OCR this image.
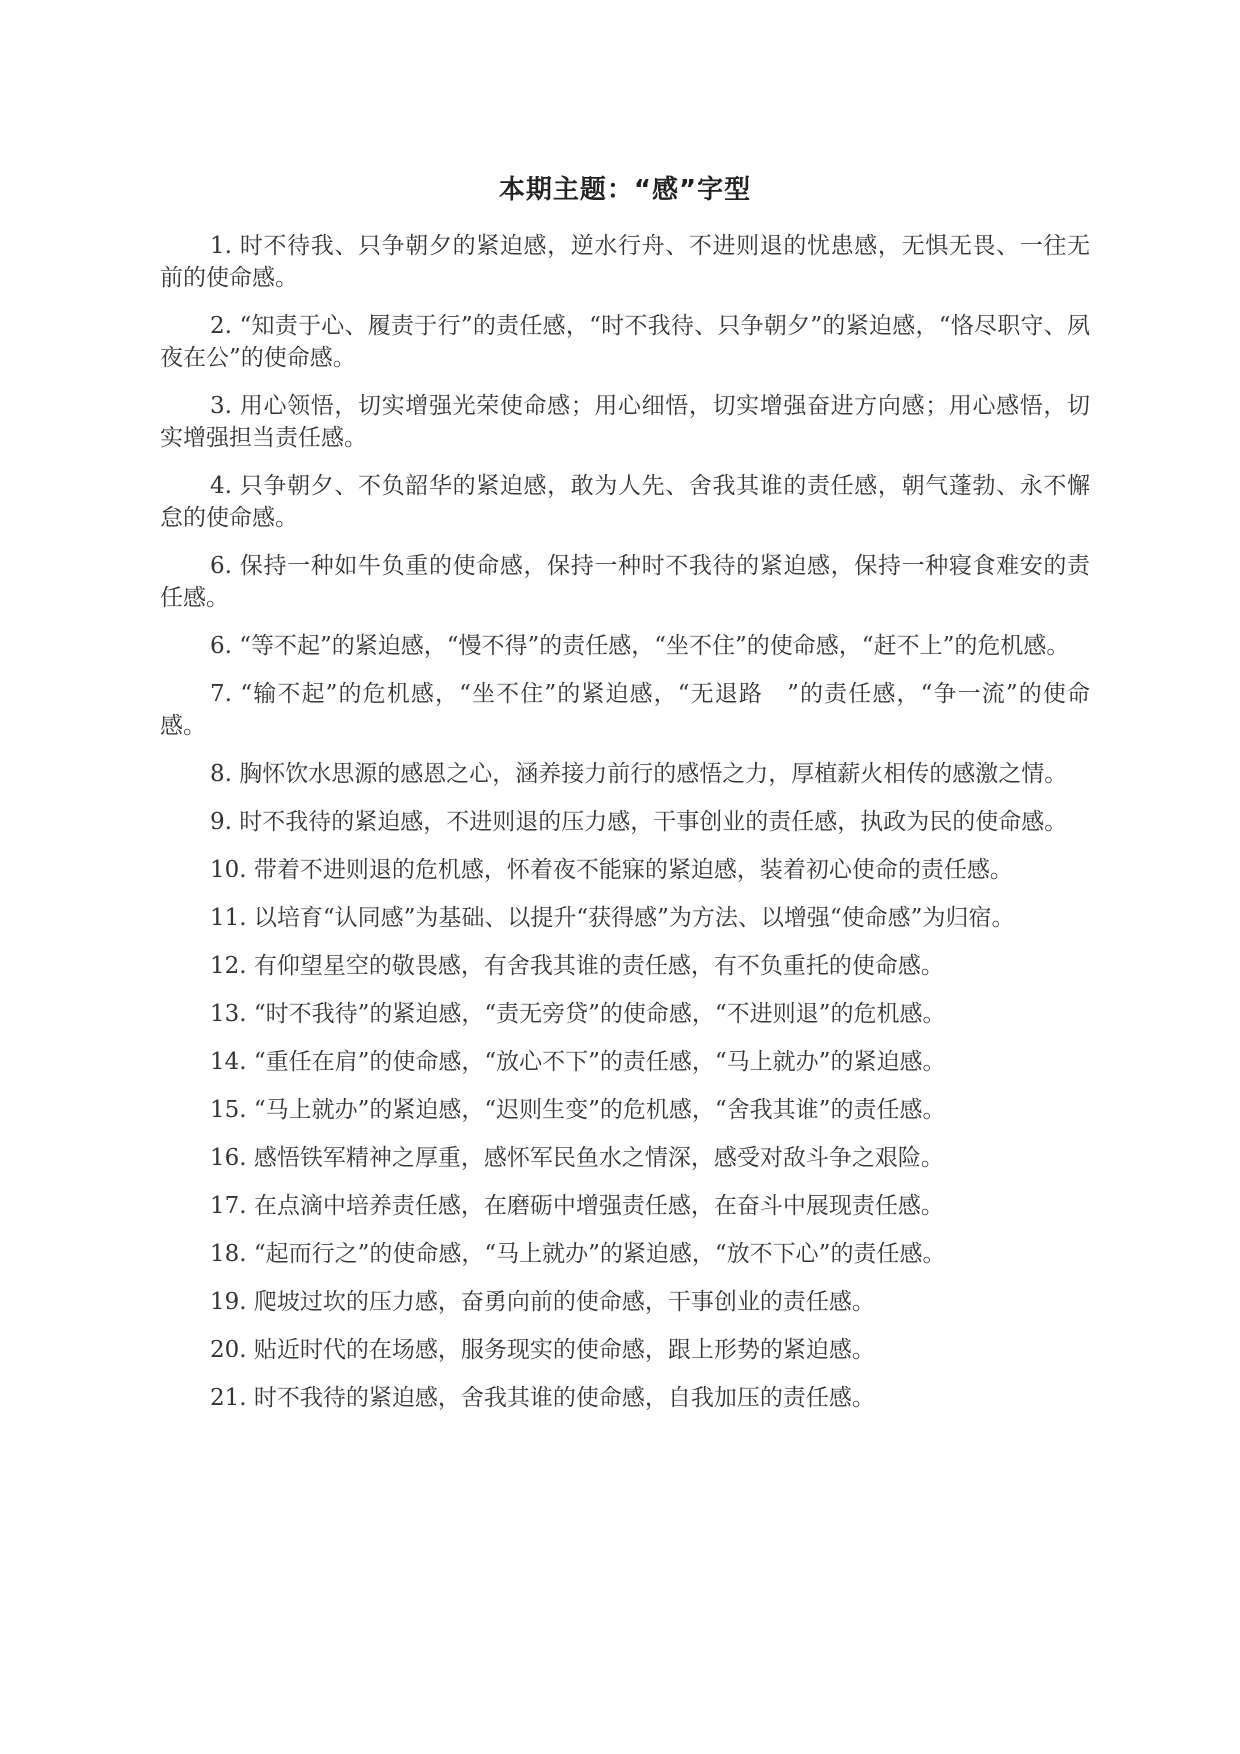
本期主题：“感”字型

1. 时不待我、只争朝夕的紧迫感，逆水行舟、不进则退的忧患感，无惧无畏、一往无前的使命感。

2. “知责于心、履责于行”的责任感，“时不我待、只争朝夕”的紧迫感，“恪尽职守、夙夜在公”的使命感。

3. 用心领悟，切实增强光荣使命感；用心细悟，切实增强奋进方向感；用心感悟，切实增强担当责任感。

4. 只争朝夕、不负韶华的紧迫感，敢为人先、舍我其谁的责任感，朝气蓬勃、永不懈怠的使命感。

6. 保持一种如牛负重的使命感，保持一种时不我待的紧迫感，保持一种寝食难安的责任感。

6. “等不起”的紧迫感，“慢不得”的责任感，“坐不住”的使命感，“赶不上”的危机感。

7. “输不起”的危机感，“坐不住”的紧迫感，“无退路　”的责任感，“争一流”的使命感。

8. 胸怀饮水思源的感恩之心，涵养接力前行的感悟之力，厚植薪火相传的感激之情。

9. 时不我待的紧迫感，不进则退的压力感，干事创业的责任感，执政为民的使命感。

10. 带着不进则退的危机感，怀着夜不能寐的紧迫感，装着初心使命的责任感。

11. 以培育“认同感”为基础、以提升“获得感”为方法、以增强“使命感”为归宿。

12. 有仰望星空的敬畏感，有舍我其谁的责任感，有不负重托的使命感。

13. “时不我待”的紧迫感，“责无旁贷”的使命感，“不进则退”的危机感。

14. “重任在肩”的使命感，“放心不下”的责任感，“马上就办”的紧迫感。

15. “马上就办”的紧迫感，“迟则生变”的危机感，“舍我其谁”的责任感。

16. 感悟铁军精神之厚重，感怀军民鱼水之情深，感受对敌斗争之艰险。

17. 在点滴中培养责任感，在磨砺中增强责任感，在奋斗中展现责任感。

18. “起而行之”的使命感，“马上就办”的紧迫感，“放不下心”的责任感。

19. 爬坡过坎的压力感，奋勇向前的使命感，干事创业的责任感。

20. 贴近时代的在场感，服务现实的使命感，跟上形势的紧迫感。

21. 时不我待的紧迫感，舍我其谁的使命感，自我加压的责任感。
